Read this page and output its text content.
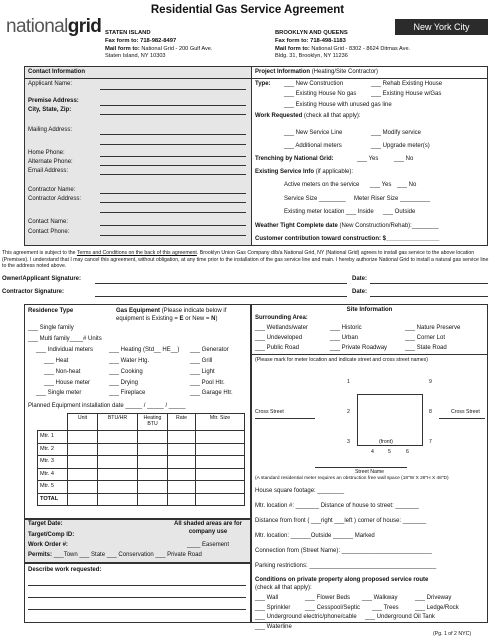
nationalgrid
Residential Gas Service Agreement
New York City
STATEN ISLAND
Fax form to: 718-982-8497
Mail form to: National Grid - 200 Gulf Ave.
Staten Island, NY 10303
BROOKLYN AND QUEENS
Fax form to: 718-498-1183
Mail form to: National Grid - 8302 - 8624 Ditmas Ave.
Bldg. 31, Brooklyn, NY 11236
Contact Information
Applicant Name:
Premise Address:
City, State, Zip:
Mailing Address:
Home Phone:
Alternate Phone:
Email Address:
Contractor Name:
Contractor Address:
Contact Name:
Contact Phone:
Project Information (Heating/Site Contractor)
Type: ___ New Construction	___ Rehab Existing House
___ Existing House No gas ___ Existing House w/Gas
___ Existing House with unused gas line
Work Requested (check all that apply):
___ New Service Line	___ Modify service
___ Additional meters	___ Upgrade meter(s)
Trenching by National Grid:	___ Yes	___ No
Existing Service Info (if applicable):
Active meters on the service ___ Yes ___ No
Service Size ________ Meter Riser Size _________
Existing meter location ___ Inside ___ Outside
Weather Tight Complete date (New Construction/Rehab):________
Customer contribution toward construction: $________________
This agreement is subject to the Terms and Conditions on the back of this agreement. Brooklyn Union Gas Company d/b/a National Grid, NY (National Grid) agrees to install gas service to the above location (Premises). I understand that I may cancel this agreement, without obligation, at any time prior to the installation of the gas service line and main. I hereby authorize National Grid to install a natural gas service line to the address noted above.
Owner/Applicant Signature:	Date:
Contractor Signature:	Date:
Residence Type
___ Single family
___ Multi family____# Units
___ Individual meters
___ Heat
___ Non-heat
___ House meter
___ Single meter
Gas Equipment (Please indicate below if equipment is Existing = E or New = N)
___ Heating (Std__ HE__)
___ Water Htg.
___ Cooking
___ Drying
___ Fireplace
___ Generator
___ Grill
___ Light
___ Pool Htr.
___ Garage Htr.
Planned Equipment installation date _____ / _____ / _____
	Unit	BTU/HR	Heating BTU	Rate	Mtr. Size
Mtr. 1					
Mtr. 2					
Mtr. 3					
Mtr. 4					
Mtr. 5					
TOTAL					
Target Date:
Target/Comp ID:
Work Order #:	____ Easement
All shaded areas are for company use
Permits: ___Town ___ State ___ Conservation ___ Private Road
Describe work requested:
Site Information
Surrounding Area:
___ Wetlands/water	___ Historic	___ Nature Preserve
___ Undeveloped	___ Urban	___ Corner Lot
___ Public Road	___ Private Roadway	___ State Road
(Please mark for meter location and indicate street and cross street names)
1	9
2	8
3	7
Cross Street	Cross Street
(front)
4	5	6
Street Name
(A standard residential meter requires an obstruction free wall space (18"W X 28"H X 48"D)
House square footage: ________
Mtr. location #: _______ Distance of house to street: _______
Distance from front ( ___right ___left ) corner of house: _______
Mtr. location: ______Outside ______ Marked
Connection from (Street Name): ___________________________
Parking restrictions: ______________________________________
Conditions on private property along proposed service route
(check all that apply):
___ Wall	___ Flower Beds ___ Walkway	___ Driveway
___ Sprinkler ___ Cesspool/Septic ___ Trees	___ Ledge/Rock
___ Underground electric/phone/cable ___ Underground Oil Tank
___ Waterline
(Pg. 1 of 2 NYC)
